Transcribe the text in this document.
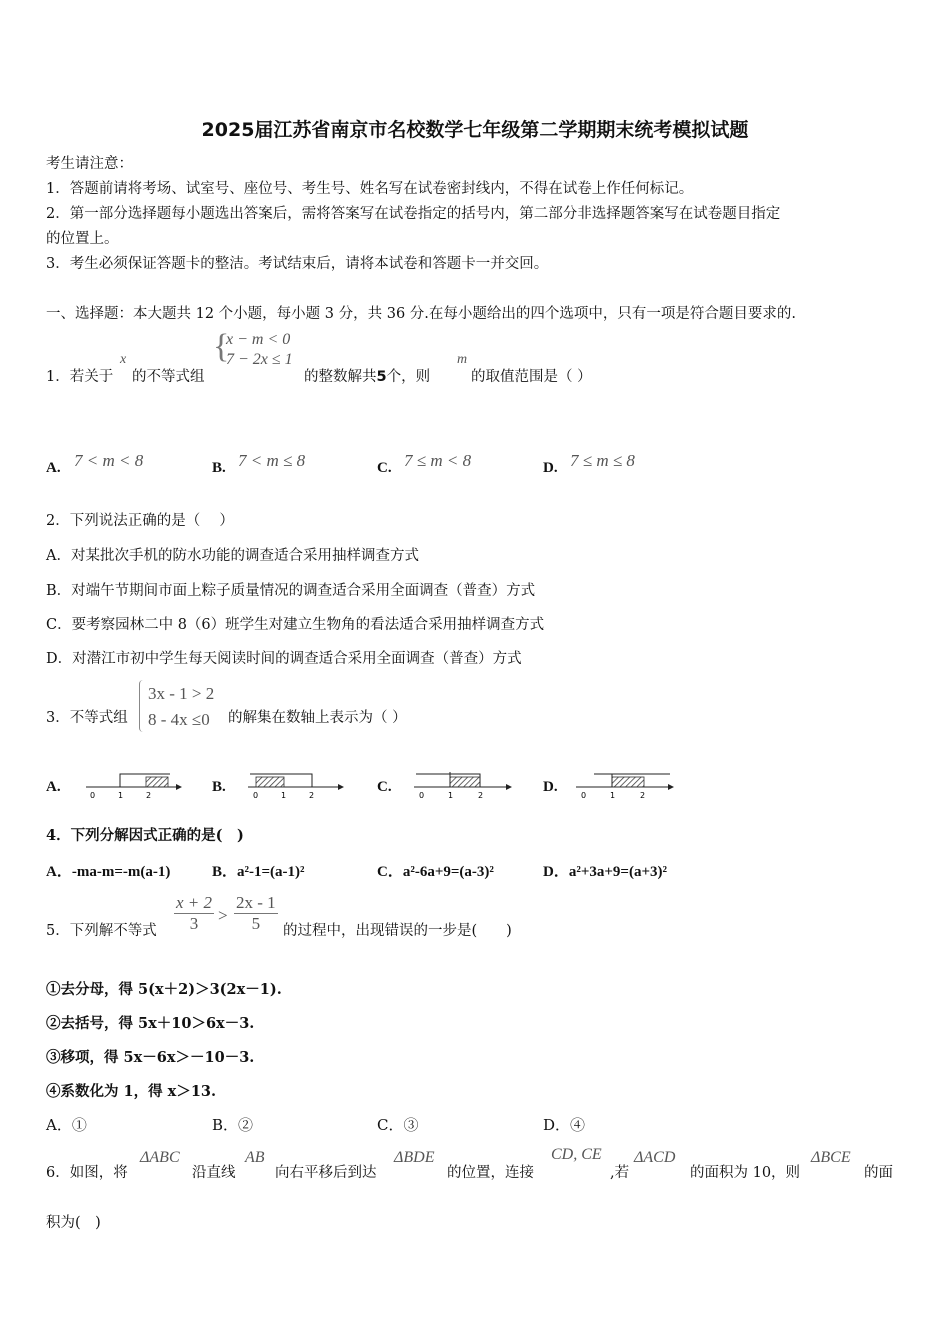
2025届江苏省南京市名校数学七年级第二学期期末统考模拟试题
考生请注意：
1．答题前请将考场、试室号、座位号、考生号、姓名写在试卷密封线内，不得在试卷上作任何标记。
2．第一部分选择题每小题选出答案后，需将答案写在试卷指定的括号内，第二部分非选择题答案写在试卷题目指定
的位置上。
3．考生必须保证答题卡的整洁。考试结束后，请将本试卷和答题卡一并交回。
一、选择题：本大题共 12 个小题，每小题 3 分，共 36 分.在每小题给出的四个选项中，只有一项是符合题目要求的.
1．若关于
x
的不等式组
{
x − m < 0
7 − 2x ≤ 1
的整数解共5个，则
m
的取值范围是（ ）
A. 7 < m < 8	B. 7 < m ≤ 8	C. 7 ≤ m < 8	D. 7 ≤ m ≤ 8
2．下列说法正确的是（　 ）
A．对某批次手机的防水功能的调查适合采用抽样调查方式
B．对端午节期间市面上粽子质量情况的调查适合采用全面调查（普查）方式
C．要考察园林二中 8（6）班学生对建立生物角的看法适合采用抽样调查方式
D．对潜江市初中学生每天阅读时间的调查适合采用全面调查（普查）方式
3．不等式组
3x - 1 > 2
8 - 4x ≤0	的解集在数轴上表示为（ ）
A.
0	1	2
B.
0	1	2
C.
0	1	2
D.
0	1	2
4．下列分解因式正确的是(　)
A．-ma-m=-m(a-1)	B．a²-1=(a-1)²	C．a²-6a+9=(a-3)²	D．a²+3a+9=(a+3)²
5．下列解不等式 $\frac{x + 2}{3} > \frac{2x - 1}{5}$ 的过程中，出现错误的一步是(　　)
①去分母，得 5(x＋2)＞3(2x－1).
②去括号，得 5x＋10＞6x－3.
③移项，得 5x－6x＞－10－3.
④系数化为 1，得 x＞13.
A．①	B．②	C．③	D．④
6．如图，将
ΔABC
沿直线
AB
向右平移后到达
ΔBDE
的位置，连接
CD, CE
,若
ΔACD
的面积为 10，则
ΔBCE
的面
积为(　)
